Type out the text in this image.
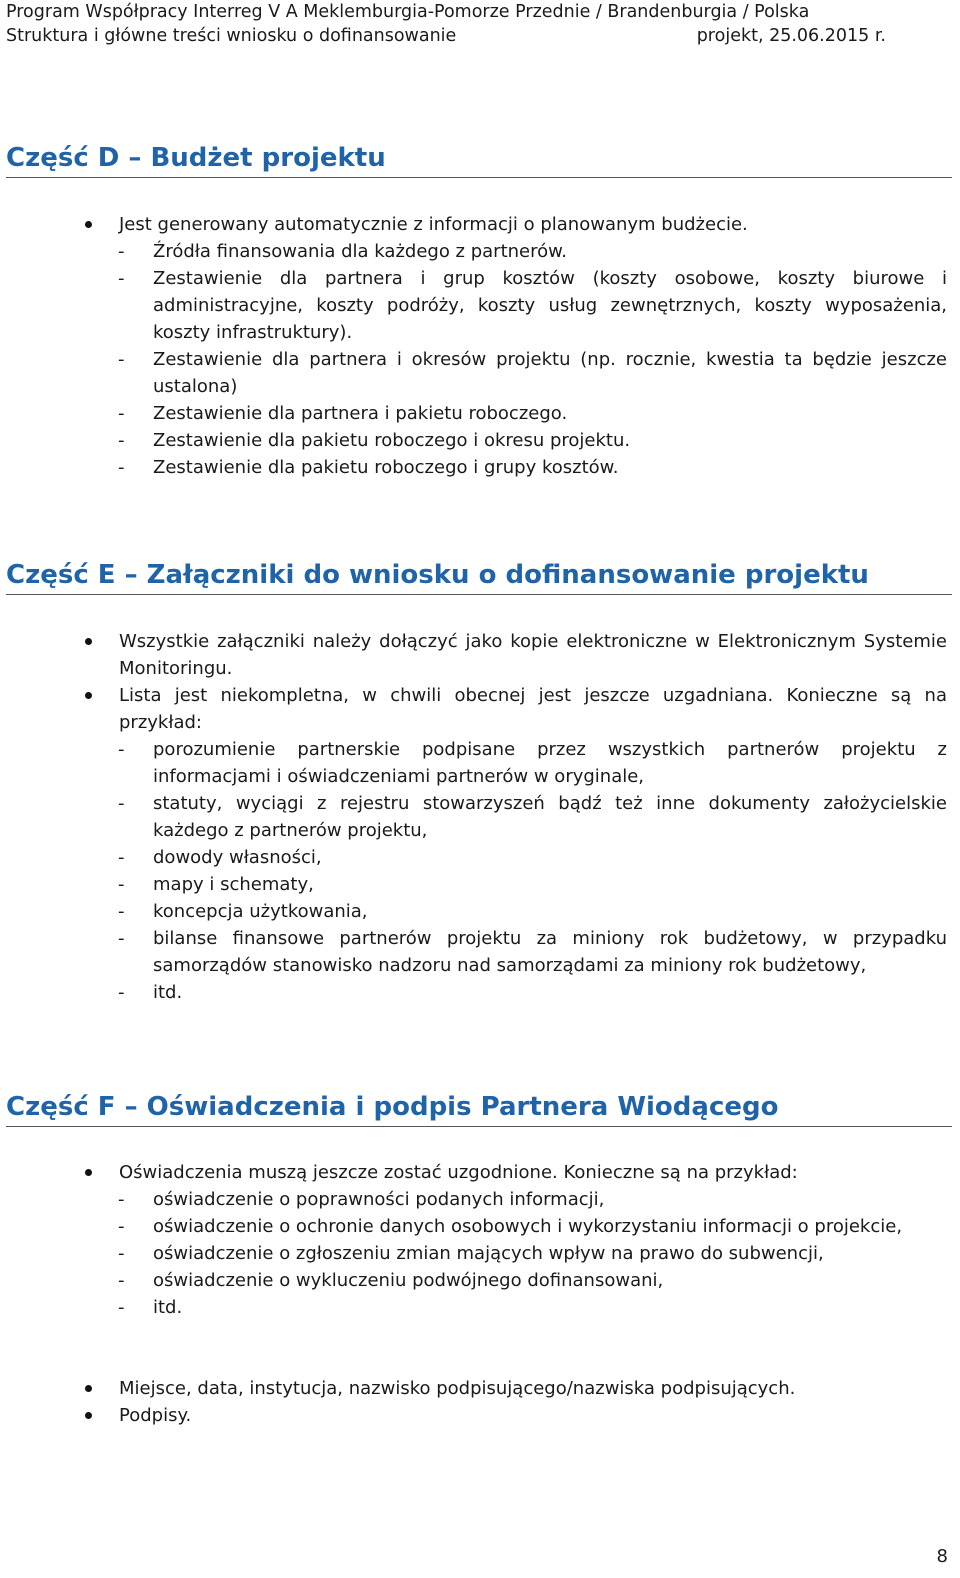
Program Współpracy Interreg V A Meklemburgia-Pomorze Przednie / Brandenburgia / Polska
Struktura i główne treści wniosku o dofinansowanie	projekt, 25.06.2015 r.
Część D – Budżet projektu
Jest generowany automatycznie z informacji o planowanym budżecie.
- Źródła finansowania dla każdego z partnerów.
- Zestawienie dla partnera i grup kosztów (koszty osobowe, koszty biurowe i administracyjne, koszty podróży, koszty usług zewnętrznych, koszty wyposażenia, koszty infrastruktury).
- Zestawienie dla partnera i okresów projektu (np. rocznie, kwestia ta będzie jeszcze ustalona)
- Zestawienie dla partnera i pakietu roboczego.
- Zestawienie dla pakietu roboczego i okresu projektu.
- Zestawienie dla pakietu roboczego i grupy kosztów.
Część E – Załączniki do wniosku o dofinansowanie projektu
Wszystkie załączniki należy dołączyć jako kopie elektroniczne w Elektronicznym Systemie Monitoringu.
Lista jest niekompletna, w chwili obecnej jest jeszcze uzgadniana. Konieczne są na przykład:
- porozumienie partnerskie podpisane przez wszystkich partnerów projektu z informacjami i oświadczeniami partnerów w oryginale,
- statuty, wyciągi z rejestru stowarzyszeń bądź też inne dokumenty założycielskie każdego z partnerów projektu,
- dowody własności,
- mapy i schematy,
- koncepcja użytkowania,
- bilanse finansowe partnerów projektu za miniony rok budżetowy, w przypadku samorządów stanowisko nadzoru nad samorządami za miniony rok budżetowy,
- itd.
Część F – Oświadczenia i podpis Partnera Wiodącego
Oświadczenia muszą jeszcze zostać uzgodnione. Konieczne są na przykład:
- oświadczenie o poprawności podanych informacji,
- oświadczenie o ochronie danych osobowych i wykorzystaniu informacji o projekcie,
- oświadczenie o zgłoszeniu zmian mających wpływ na prawo do subwencji,
- oświadczenie o wykluczeniu podwójnego dofinansowani,
- itd.
Miejsce, data, instytucja, nazwisko podpisującego/nazwiska podpisujących.
Podpisy.
8
